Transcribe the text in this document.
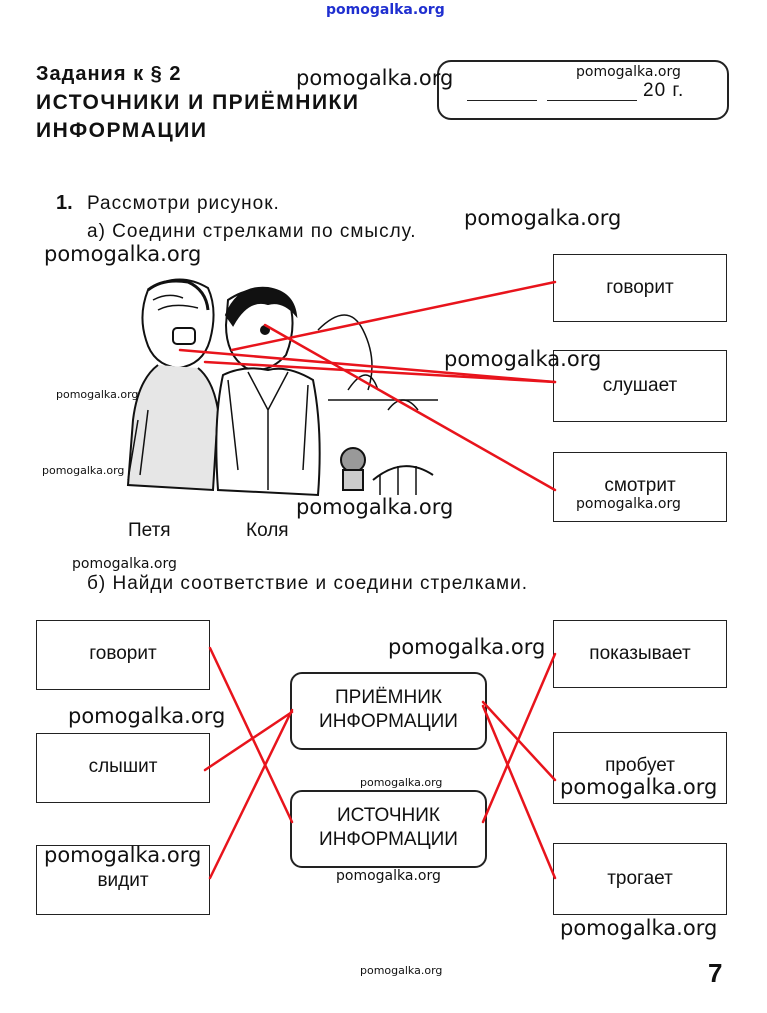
pomogalka.org
Задания к § 2
ИСТОЧНИКИ И ПРИЁМНИКИ
ИНФОРМАЦИИ
20 г.
1. Рассмотри рисунок.
а) Соедини стрелками по смыслу.
Петя	Коля
говорит
слушает
смотрит
б) Найди соответствие и соедини стрелками.
говорит
слышит
видит
ПРИЁМНИК ИНФОРМАЦИИ
ИСТОЧНИК ИНФОРМАЦИИ
показывает
пробует
трогает
7
pomogalka.org	pomogalka.org
pomogalka.org
pomogalka.org
pomogalka.org
pomogalka.org
pomogalka.org
pomogalka.org	pomogalka.org
pomogalka.org
pomogalka.org
pomogalka.org
pomogalka.org	pomogalka.org
pomogalka.org
pomogalka.org
pomogalka.org
pomogalka.org
